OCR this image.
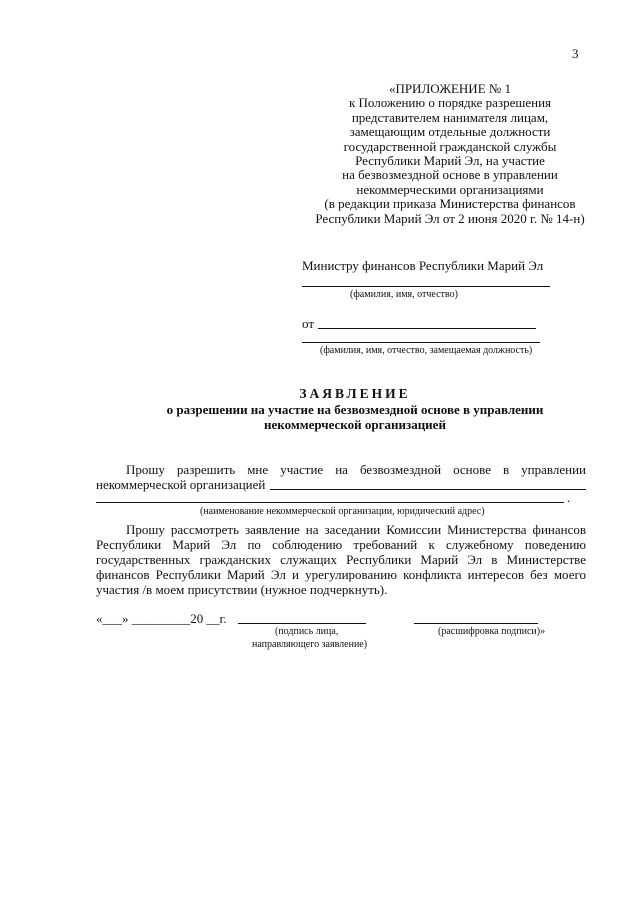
3
«ПРИЛОЖЕНИЕ № 1
к Положению о порядке разрешения
представителем нанимателя лицам,
замещающим отдельные должности
государственной гражданской службы
Республики Марий Эл, на участие
на безвозмездной основе в управлении
некоммерческими организациями
(в редакции приказа Министерства финансов
Республики Марий Эл от 2 июня 2020 г. № 14-н)
Министру финансов Республики Марий Эл
(фамилия, имя, отчество)
от
(фамилия, имя, отчество, замещаемая должность)
ЗАЯВЛЕНИЕ
о разрешении на участие на безвозмездной основе в управлении
некоммерческой организацией
Прошу разрешить мне участие на безвозмездной основе в управлении
некоммерческой организацией
.
(наименование некоммерческой организации, юридический адрес)
Прошу рассмотреть заявление на заседании Комиссии Министерства финансов
Республики Марий Эл по соблюдению требований к служебному поведению
государственных гражданских служащих Республики Марий Эл в Министерстве
финансов Республики Марий Эл и урегулированию конфликта интересов без моего
участия /в моем присутствии (нужное подчеркнуть).
«___» _________20 __г.
(подпись лица,
направляющего заявление)
(расшифровка подписи)»
